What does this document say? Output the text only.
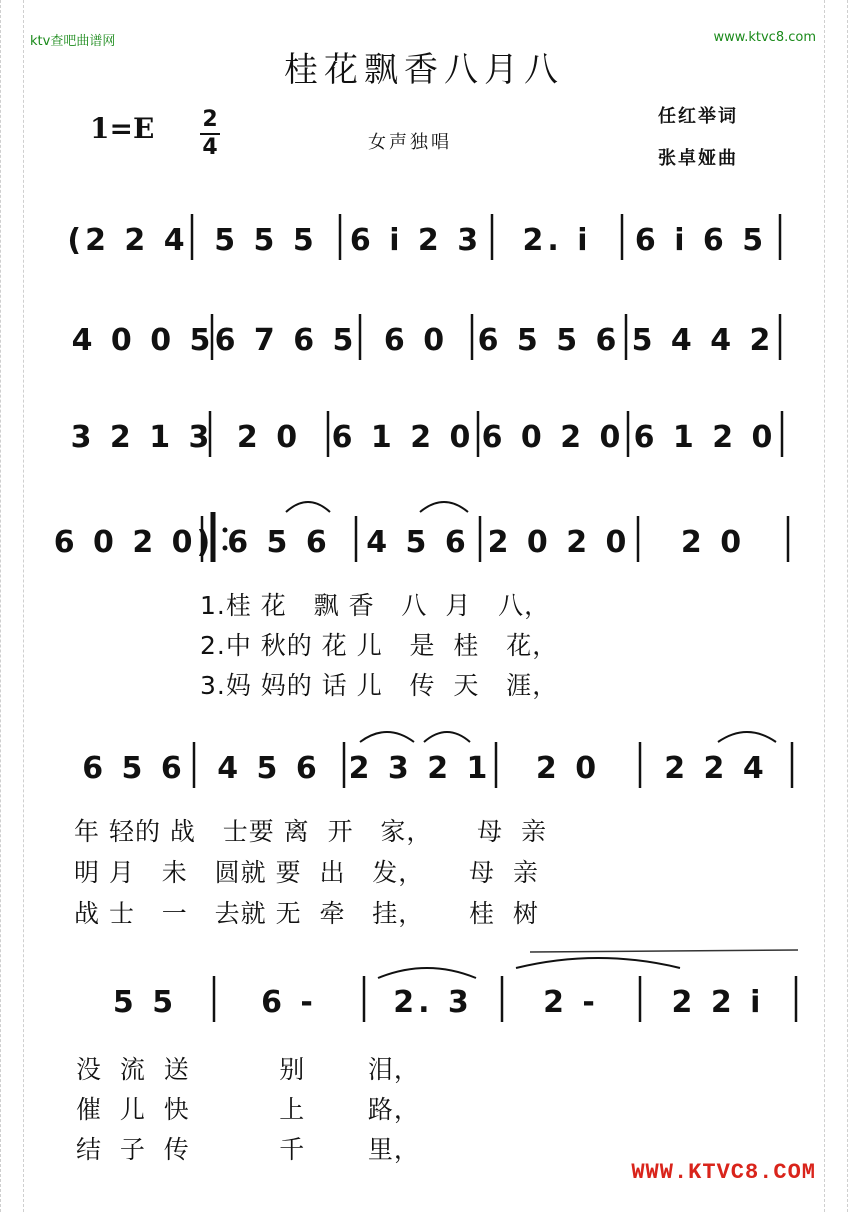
ktv查吧曲谱网	www.ktvc8.com
桂花飘香八月八
1=E 2
4	女声独唱
任红举词
张卓娅曲
(2 2 4 5 5 5 6 i 2 3 2. i 6 i 6 5
4 0 0 5 6 7 6 5 6 0 6 5 5 6 5 4 4 2
3 2 1 3 2 0 6 1 2 0 6 0 2 0 6 1 2 0
6 0 2 0) 6 5 6 4 5 6 2 0 2 0 2 0
6 5 6 4 5 6 2 3 2 1 2 0 2 2 4
5 5	6 -	2. 3 2 - 2 2 i
1.桂 花   飘 香   八  月   八，
2.中 秋的 花 儿   是  桂   花，
3.妈 妈的 话 儿   传  天   涯，
年 轻的 战   士要 离  开   家，     母  亲
明 月   未   圆就 要  出   发，     母  亲
战 士   一   去就 无  牵   挂，     桂  树
没  流  送          别       泪，
催  儿  快          上       路，
结  子  传          千       里，
WWW.KTVC8.COM
